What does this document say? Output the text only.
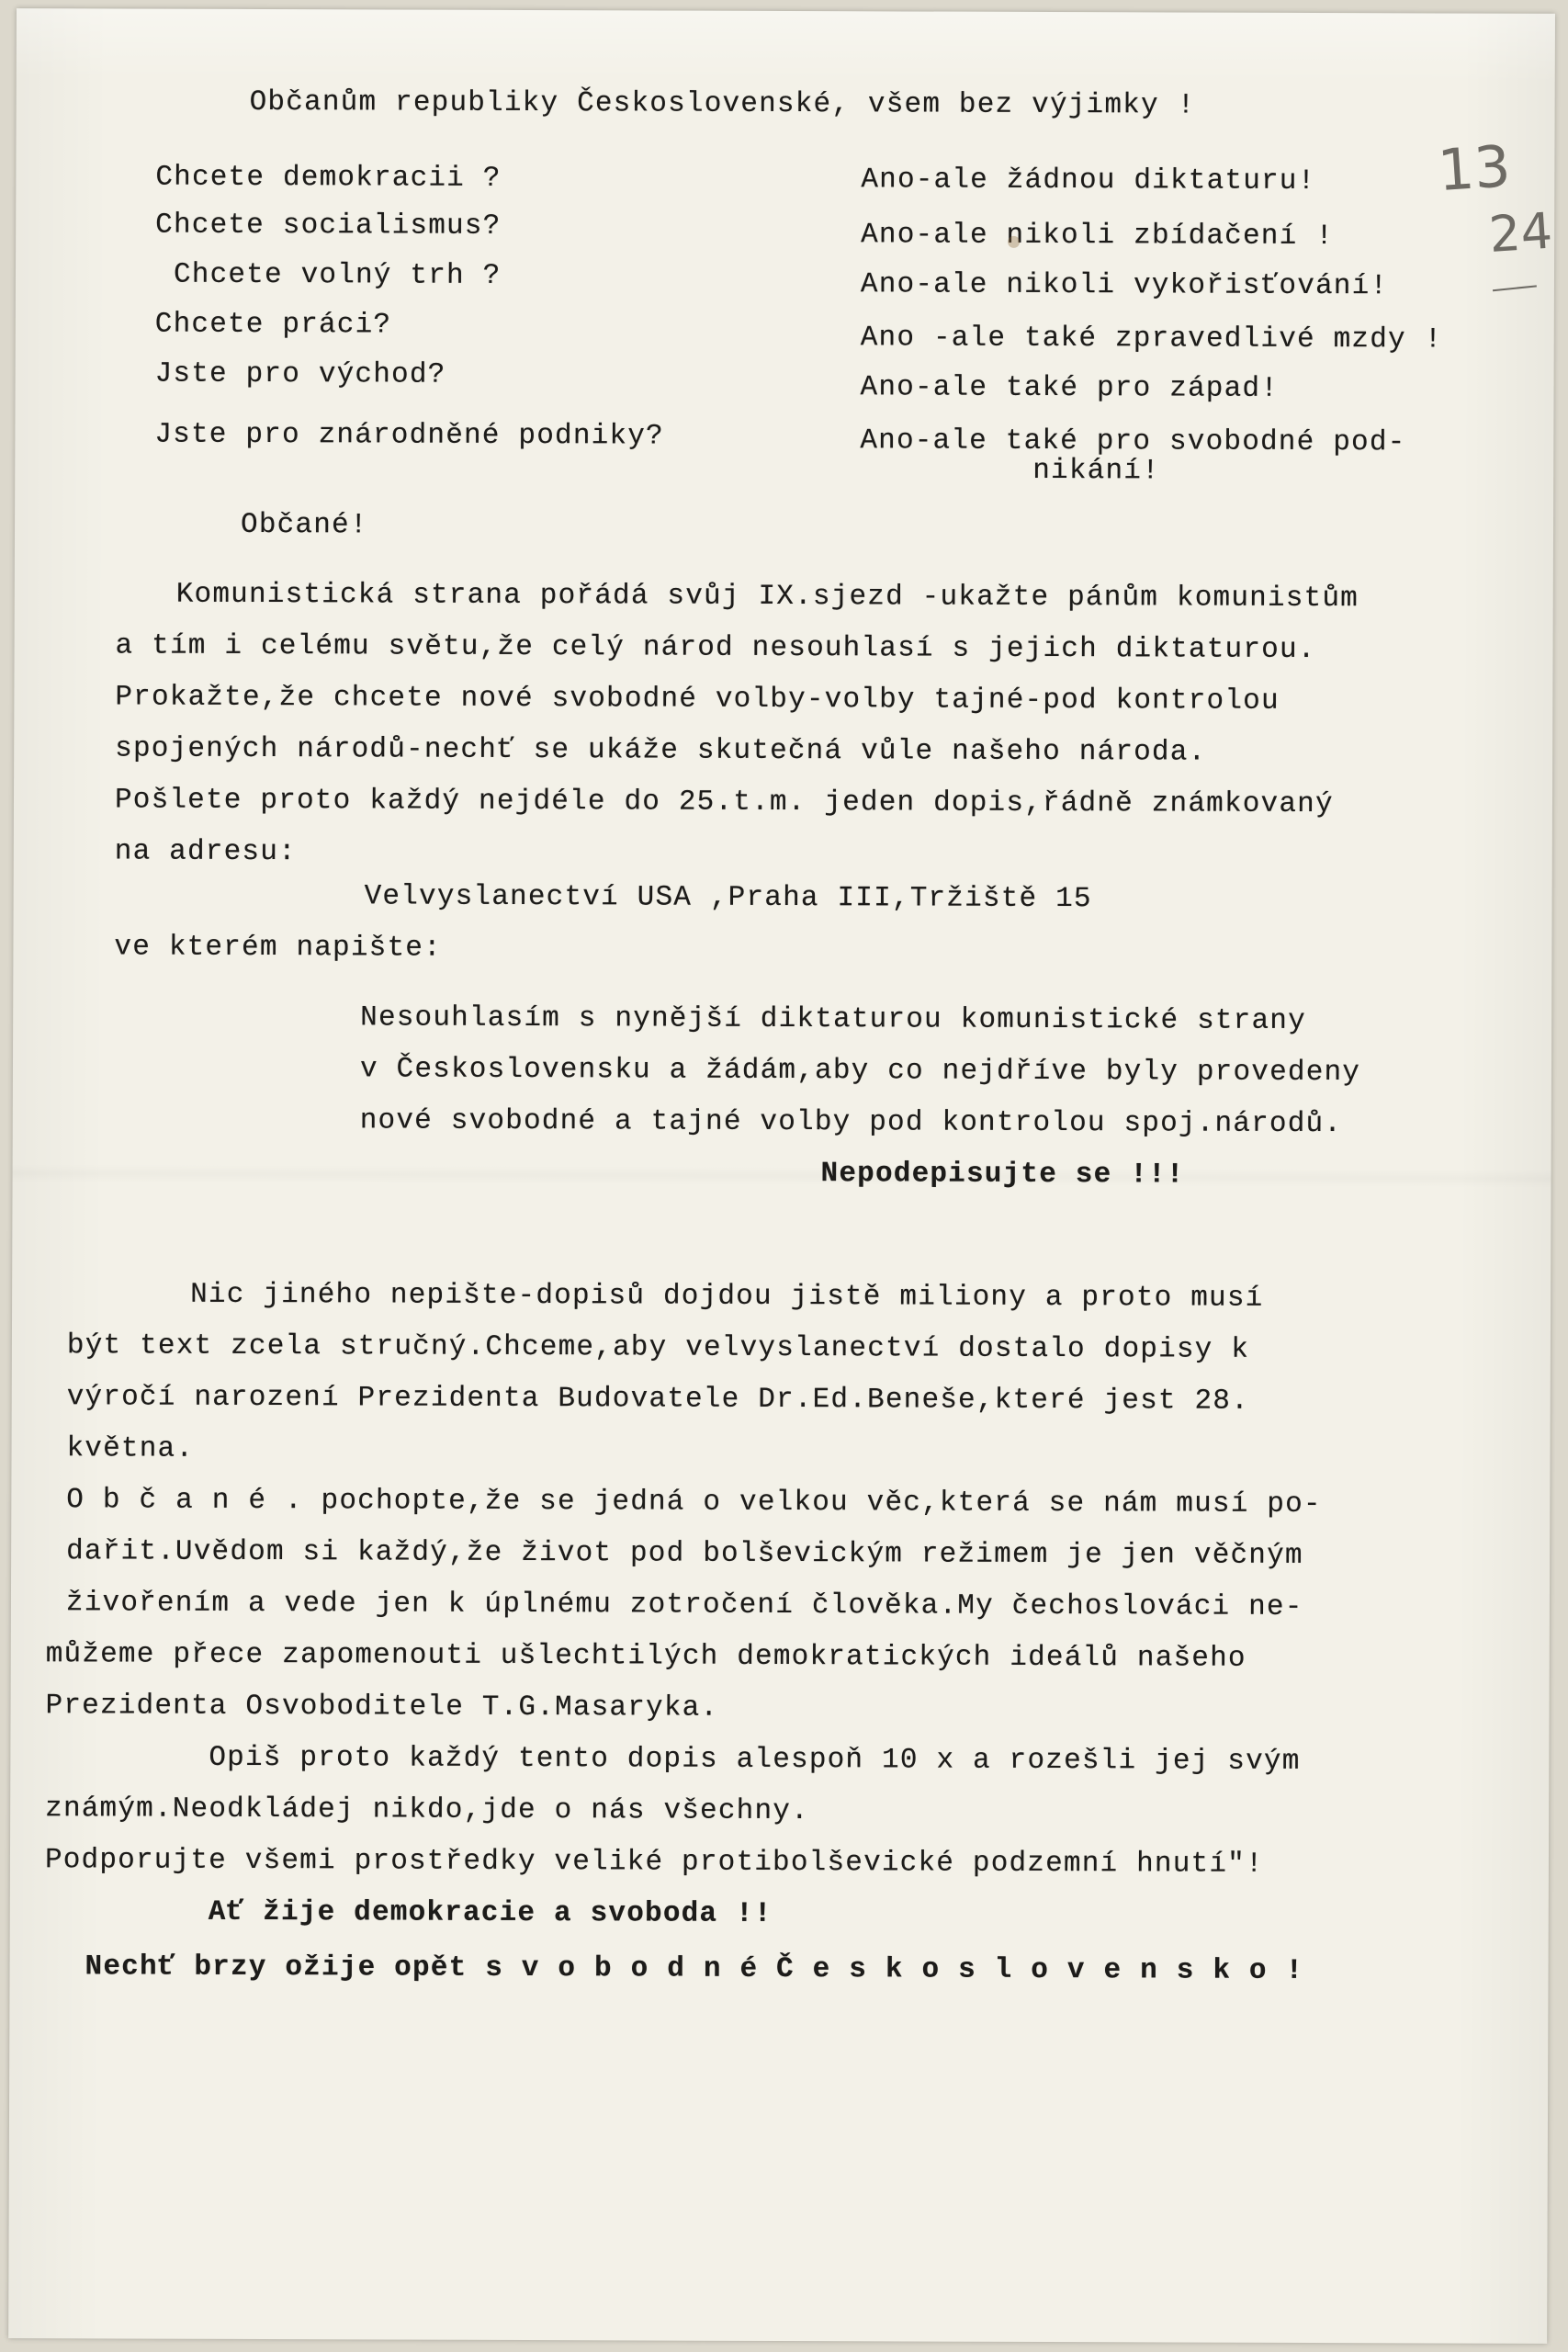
Občanům republiky Československé, všem bez výjimky !
Chcete demokracii ?
Chcete socialismus?
Chcete volný trh ?
Chcete práci?
Jste pro východ?
Jste pro znárodněné podniky?
Ano-ale žádnou diktaturu!
Ano-ale nikoli zbídačení !
Ano-ale nikoli vykořisťování!
Ano -ale také zpravedlivé mzdy !
Ano-ale také pro západ!
Ano-ale také pro svobodné pod-
nikání!
Občané!
Komunistická strana pořádá svůj IX.sjezd -ukažte pánům komunistům
a tím i celému světu,že celý národ nesouhlasí s jejich diktaturou.
Prokažte,že chcete nové svobodné volby-volby tajné-pod kontrolou
spojených národů-nechť se ukáže skutečná vůle našeho národa.
Pošlete proto každý nejdéle do 25.t.m. jeden dopis,řádně známkovaný
na adresu:
Velvyslanectví USA ,Praha III,Tržiště 15
ve kterém napište:
Nesouhlasím s nynější diktaturou komunistické strany
v Československu a žádám,aby co nejdříve byly provedeny
nové svobodné a tajné volby pod kontrolou spoj.národů.
Nepodepisujte se !!!
Nic jiného nepište-dopisů dojdou jistě miliony a proto musí
být text zcela stručný.Chceme,aby velvyslanectví dostalo dopisy k
výročí narození Prezidenta Budovatele Dr.Ed.Beneše,které jest 28.
května.
O b č a n é . pochopte,že se jedná o velkou věc,která se nám musí po-
dařit.Uvědom si každý,že život pod bolševickým režimem je jen věčným
živořením a vede jen k úplnému zotročení člověka.My čechoslováci ne-
můžeme přece zapomenouti ušlechtilých demokratických ideálů našeho
Prezidenta Osvoboditele T.G.Masaryka.
Opiš proto každý tento dopis alespoň 10 x a rozešli jej svým
známým.Neodkládej nikdo,jde o nás všechny.
Podporujte všemi prostředky veliké protibolševické podzemní hnutí"!
Ať žije demokracie a svoboda !!
Nechť brzy ožije opět s v o b o d n é Č e s k o s l o v e n s k o !
13
24
